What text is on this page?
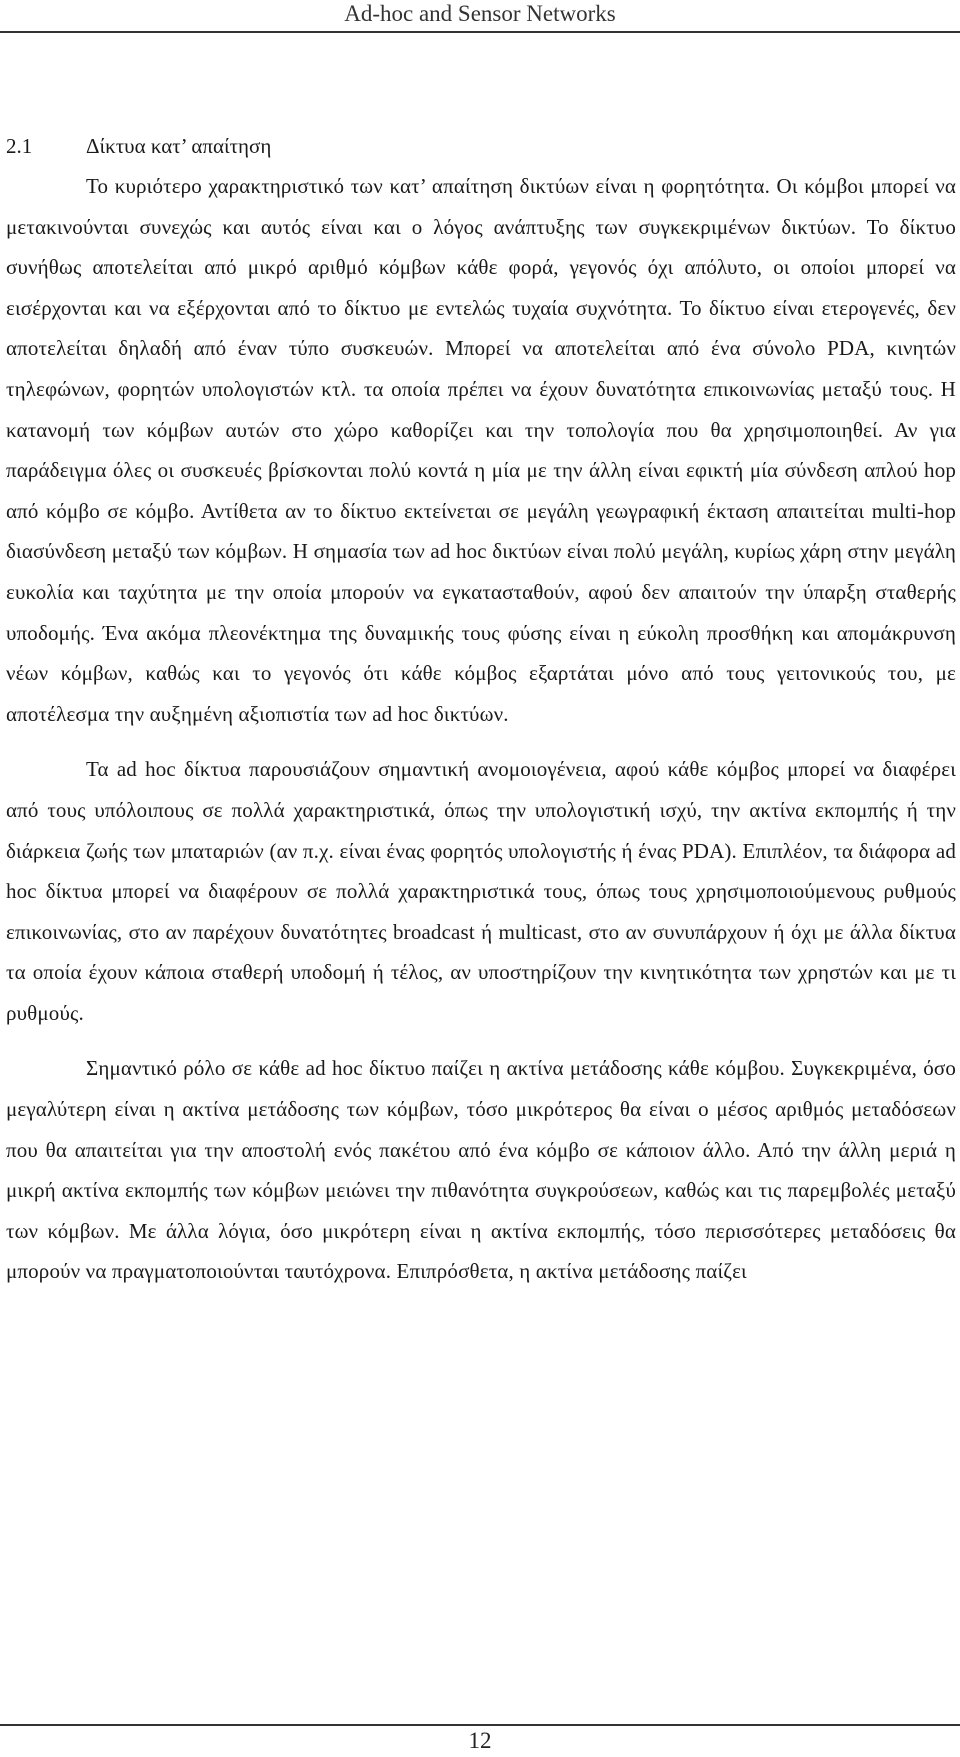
Ad-hoc and Sensor Networks
2.1	Δίκτυα κατ’ απαίτηση

Το κυριότερο χαρακτηριστικό των κατ’ απαίτηση δικτύων είναι η φορητότητα. Οι κόμβοι μπορεί να μετακινούνται συνεχώς και αυτός είναι και ο λόγος ανάπτυξης των συγκεκριμένων δικτύων. Το δίκτυο συνήθως αποτελείται από μικρό αριθμό κόμβων κάθε φορά, γεγονός όχι απόλυτο, οι οποίοι μπορεί να εισέρχονται και να εξέρχονται από το δίκτυο με εντελώς τυχαία συχνότητα. Το δίκτυο είναι ετερογενές, δεν αποτελείται δηλαδή από έναν τύπο συσκευών. Μπορεί να αποτελείται από ένα σύνολο PDA, κινητών τηλεφώνων, φορητών υπολογιστών κτλ. τα οποία πρέπει να έχουν δυνατότητα επικοινωνίας μεταξύ τους. Η κατανομή των κόμβων αυτών στο χώρο καθορίζει και την τοπολογία που θα χρησιμοποιηθεί. Αν για παράδειγμα όλες οι συσκευές βρίσκονται πολύ κοντά η μία με την άλλη είναι εφικτή μία σύνδεση απλού hop από κόμβο σε κόμβο. Αντίθετα αν το δίκτυο εκτείνεται σε μεγάλη γεωγραφική έκταση απαιτείται multi-hop διασύνδεση μεταξύ των κόμβων. Η σημασία των ad hoc δικτύων είναι πολύ μεγάλη, κυρίως χάρη στην μεγάλη ευκολία και ταχύτητα με την οποία μπορούν να εγκατασταθούν, αφού δεν απαιτούν την ύπαρξη σταθερής υποδομής. Ένα ακόμα πλεονέκτημα της δυναμικής τους φύσης είναι η εύκολη προσθήκη και απομάκρυνση νέων κόμβων, καθώς και το γεγονός ότι κάθε κόμβος εξαρτάται μόνο από τους γειτονικούς του, με αποτέλεσμα την αυξημένη αξιοπιστία των ad hoc δικτύων.

Τα ad hoc δίκτυα παρουσιάζουν σημαντική ανομοιογένεια, αφού κάθε κόμβος μπορεί να διαφέρει από τους υπόλοιπους σε πολλά χαρακτηριστικά, όπως την υπολογιστική ισχύ, την ακτίνα εκπομπής ή την διάρκεια ζωής των μπαταριών (αν π.χ. είναι ένας φορητός υπολογιστής ή ένας PDA). Επιπλέον, τα διάφορα ad hoc δίκτυα μπορεί να διαφέρουν σε πολλά χαρακτηριστικά τους, όπως τους χρησιμοποιούμενους ρυθμούς επικοινωνίας, στο αν παρέχουν δυνατότητες broadcast ή multicast, στο αν συνυπάρχουν ή όχι με άλλα δίκτυα τα οποία έχουν κάποια σταθερή υποδομή ή τέλος, αν υποστηρίζουν την κινητικότητα των χρηστών και με τι ρυθμούς.

Σημαντικό ρόλο σε κάθε ad hoc δίκτυο παίζει η ακτίνα μετάδοσης κάθε κόμβου. Συγκεκριμένα, όσο μεγαλύτερη είναι η ακτίνα μετάδοσης των κόμβων, τόσο μικρότερος θα είναι ο μέσος αριθμός μεταδόσεων που θα απαιτείται για την αποστολή ενός πακέτου από ένα κόμβο σε κάποιον άλλο. Από την άλλη μεριά η μικρή ακτίνα εκπομπής των κόμβων μειώνει την πιθανότητα συγκρούσεων, καθώς και τις παρεμβολές μεταξύ των κόμβων. Με άλλα λόγια, όσο μικρότερη είναι η ακτίνα εκπομπής, τόσο περισσότερες μεταδόσεις θα μπορούν να πραγματοποιούνται ταυτόχρονα. Επιπρόσθετα, η ακτίνα μετάδοσης παίζει

12
